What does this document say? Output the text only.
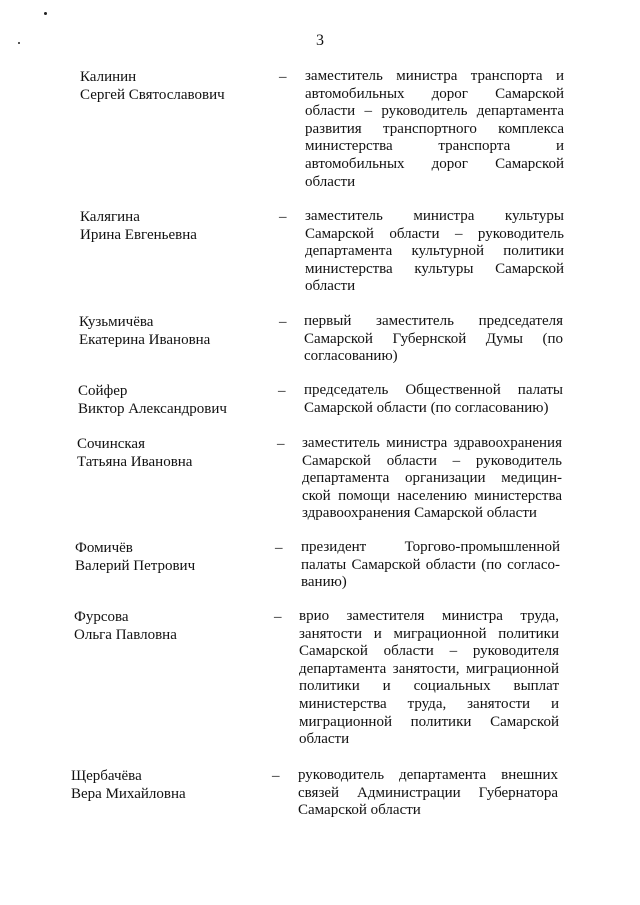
3
Калинин
Сергей Святославович
– заместитель министра транспорта и автомобильных дорог Самарской области – руководитель департамента развития транспортного комплекса министерства транспорта и автомобильных дорог Самарской области
Калягина
Ирина Евгеньевна
– заместитель министра культуры Самарской области – руководитель департамента культурной политики министерства культуры Самарской области
Кузьмичёва
Екатерина Ивановна
– первый заместитель председателя Самарской Губернской Думы (по согласованию)
Сойфер
Виктор Александрович
– председатель Общественной палаты Самарской области (по согласованию)
Сочинская
Татьяна Ивановна
– заместитель министра здравоохранения Самарской области – руководитель департамента организации медицин-ской помощи населению министерства здравоохранения Самарской области
Фомичёв
Валерий Петрович
– президент Торгово-промышленной палаты Самарской области (по согласо-ванию)
Фурсова
Ольга Павловна
– врио заместителя министра труда, занятости и миграционной политики Самарской области – руководителя департамента занятости, миграционной политики и социальных выплат министерства труда, занятости и миграционной политики Самарской области
Щербачёва
Вера Михайловна
– руководитель департамента внешних связей Администрации Губернатора Самарской области
